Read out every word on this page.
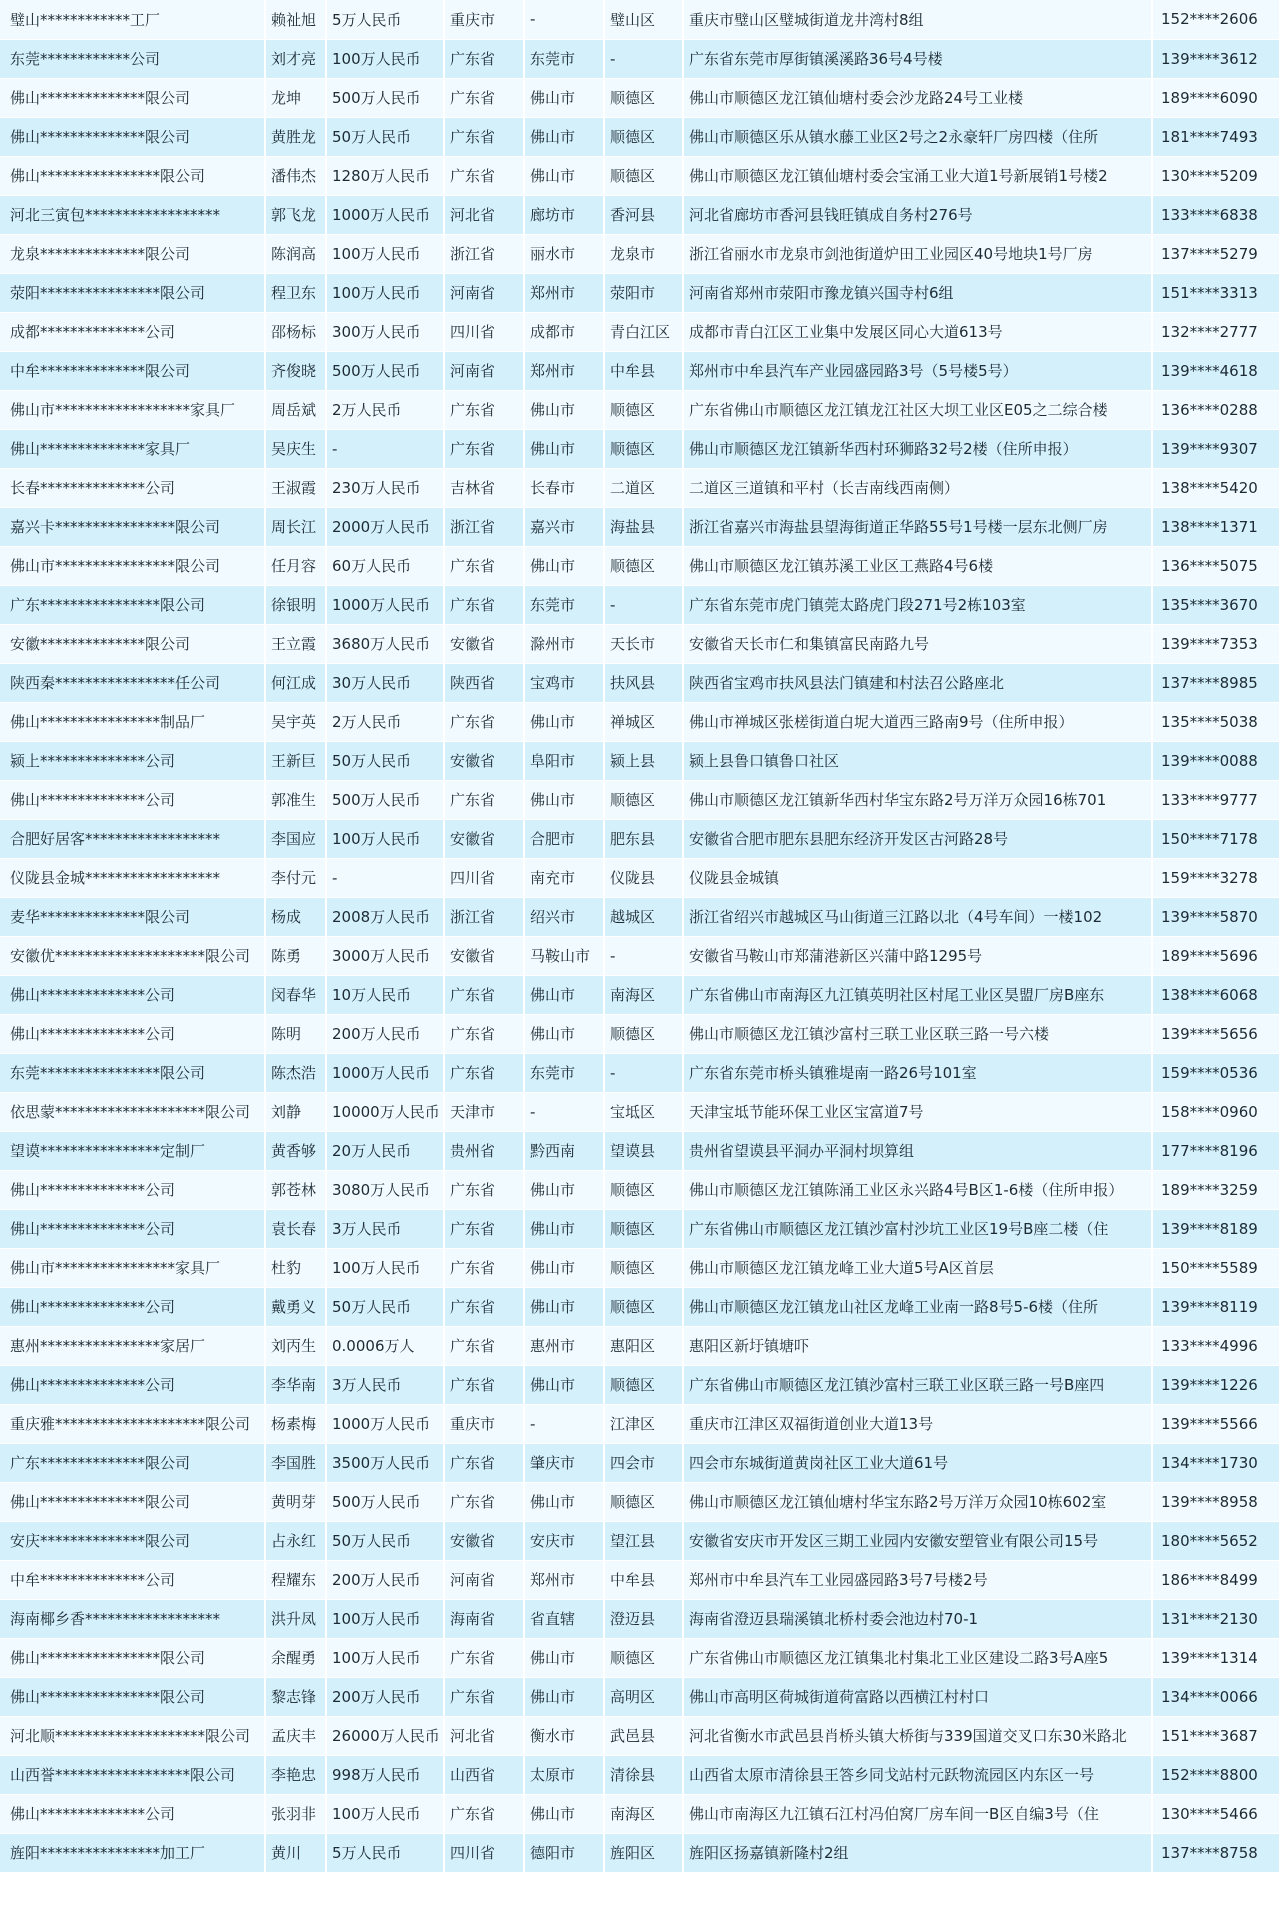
璧山************工厂	赖祉旭	5万人民币	重庆市	-	璧山区	重庆市璧山区璧城街道龙井湾村8组	152****2606
东莞************公司	刘才亮	100万人民币	广东省	东莞市	-	广东省东莞市厚街镇溪溪路36号4号楼	139****3612
佛山**************限公司	龙坤	500万人民币	广东省	佛山市	顺德区	佛山市顺德区龙江镇仙塘村委会沙龙路24号工业楼	189****6090
佛山**************限公司	黄胜龙	50万人民币	广东省	佛山市	顺德区	佛山市顺德区乐从镇水藤工业区2号之2永豪轩厂房四楼（住所	181****7493
佛山****************限公司	潘伟杰	1280万人民币	广东省	佛山市	顺德区	佛山市顺德区龙江镇仙塘村委会宝涌工业大道1号新展销1号楼2	130****5209
河北三寅包******************	郭飞龙	1000万人民币	河北省	廊坊市	香河县	河北省廊坊市香河县钱旺镇成自务村276号	133****6838
龙泉**************限公司	陈润高	100万人民币	浙江省	丽水市	龙泉市	浙江省丽水市龙泉市剑池街道炉田工业园区40号地块1号厂房	137****5279
荥阳****************限公司	程卫东	100万人民币	河南省	郑州市	荥阳市	河南省郑州市荥阳市豫龙镇兴国寺村6组	151****3313
成都**************公司	邵杨标	300万人民币	四川省	成都市	青白江区	成都市青白江区工业集中发展区同心大道613号	132****2777
中牟**************限公司	齐俊晓	500万人民币	河南省	郑州市	中牟县	郑州市中牟县汽车产业园盛园路3号（5号楼5号）	139****4618
佛山市******************家具厂	周岳斌	2万人民币	广东省	佛山市	顺德区	广东省佛山市顺德区龙江镇龙江社区大坝工业区E05之二综合楼	136****0288
佛山**************家具厂	吴庆生	-	广东省	佛山市	顺德区	佛山市顺德区龙江镇新华西村环狮路32号2楼（住所申报）	139****9307
长春**************公司	王淑霞	230万人民币	吉林省	长春市	二道区	二道区三道镇和平村（长吉南线西南侧）	138****5420
嘉兴卡****************限公司	周长江	2000万人民币	浙江省	嘉兴市	海盐县	浙江省嘉兴市海盐县望海街道正华路55号1号楼一层东北侧厂房	138****1371
佛山市****************限公司	任月容	60万人民币	广东省	佛山市	顺德区	佛山市顺德区龙江镇苏溪工业区工燕路4号6楼	136****5075
广东****************限公司	徐银明	1000万人民币	广东省	东莞市	-	广东省东莞市虎门镇莞太路虎门段271号2栋103室	135****3670
安徽**************限公司	王立霞	3680万人民币	安徽省	滁州市	天长市	安徽省天长市仁和集镇富民南路九号	139****7353
陕西秦****************任公司	何江成	30万人民币	陕西省	宝鸡市	扶风县	陕西省宝鸡市扶风县法门镇建和村法召公路座北	137****8985
佛山****************制品厂	吴宇英	2万人民币	广东省	佛山市	禅城区	佛山市禅城区张槎街道白坭大道西三路南9号（住所申报）	135****5038
颍上**************公司	王新巨	50万人民币	安徽省	阜阳市	颍上县	颍上县鲁口镇鲁口社区	139****0088
佛山**************公司	郭准生	500万人民币	广东省	佛山市	顺德区	佛山市顺德区龙江镇新华西村华宝东路2号万洋万众园16栋701	133****9777
合肥好居客******************	李国应	100万人民币	安徽省	合肥市	肥东县	安徽省合肥市肥东县肥东经济开发区古河路28号	150****7178
仪陇县金城******************	李付元	-	四川省	南充市	仪陇县	仪陇县金城镇	159****3278
麦华**************限公司	杨成	2008万人民币	浙江省	绍兴市	越城区	浙江省绍兴市越城区马山街道三江路以北（4号车间）一楼102	139****5870
安徽优********************限公司	陈勇	3000万人民币	安徽省	马鞍山市	-	安徽省马鞍山市郑蒲港新区兴蒲中路1295号	189****5696
佛山**************公司	闵春华	10万人民币	广东省	佛山市	南海区	广东省佛山市南海区九江镇英明社区村尾工业区昊盟厂房B座东	138****6068
佛山**************公司	陈明	200万人民币	广东省	佛山市	顺德区	佛山市顺德区龙江镇沙富村三联工业区联三路一号六楼	139****5656
东莞****************限公司	陈杰浩	1000万人民币	广东省	东莞市	-	广东省东莞市桥头镇雅堤南一路26号101室	159****0536
依思蒙********************限公司	刘静	10000万人民币	天津市	-	宝坻区	天津宝坻节能环保工业区宝富道7号	158****0960
望谟****************定制厂	黄香够	20万人民币	贵州省	黔西南	望谟县	贵州省望谟县平洞办平洞村坝算组	177****8196
佛山**************公司	郭苍林	3080万人民币	广东省	佛山市	顺德区	佛山市顺德区龙江镇陈涌工业区永兴路4号B区1-6楼（住所申报）	189****3259
佛山**************公司	袁长春	3万人民币	广东省	佛山市	顺德区	广东省佛山市顺德区龙江镇沙富村沙坑工业区19号B座二楼（住	139****8189
佛山市****************家具厂	杜豹	100万人民币	广东省	佛山市	顺德区	佛山市顺德区龙江镇龙峰工业大道5号A区首层	150****5589
佛山**************公司	戴勇义	50万人民币	广东省	佛山市	顺德区	佛山市顺德区龙江镇龙山社区龙峰工业南一路8号5-6楼（住所	139****8119
惠州****************家居厂	刘丙生	0.0006万人	广东省	惠州市	惠阳区	惠阳区新圩镇塘吓	133****4996
佛山**************公司	李华南	3万人民币	广东省	佛山市	顺德区	广东省佛山市顺德区龙江镇沙富村三联工业区联三路一号B座四	139****1226
重庆雅********************限公司	杨素梅	1000万人民币	重庆市	-	江津区	重庆市江津区双福街道创业大道13号	139****5566
广东**************限公司	李国胜	3500万人民币	广东省	肇庆市	四会市	四会市东城街道黄岗社区工业大道61号	134****1730
佛山**************限公司	黄明芽	500万人民币	广东省	佛山市	顺德区	佛山市顺德区龙江镇仙塘村华宝东路2号万洋万众园10栋602室	139****8958
安庆**************限公司	占永红	50万人民币	安徽省	安庆市	望江县	安徽省安庆市开发区三期工业园内安徽安塑管业有限公司15号	180****5652
中牟**************公司	程耀东	200万人民币	河南省	郑州市	中牟县	郑州市中牟县汽车工业园盛园路3号7号楼2号	186****8499
海南椰乡香******************	洪升凤	100万人民币	海南省	省直辖	澄迈县	海南省澄迈县瑞溪镇北桥村委会池边村70-1	131****2130
佛山****************限公司	余醒勇	100万人民币	广东省	佛山市	顺德区	广东省佛山市顺德区龙江镇集北村集北工业区建设二路3号A座5	139****1314
佛山****************限公司	黎志锋	200万人民币	广东省	佛山市	高明区	佛山市高明区荷城街道荷富路以西横江村村口	134****0066
河北顺********************限公司	孟庆丰	26000万人民币	河北省	衡水市	武邑县	河北省衡水市武邑县肖桥头镇大桥街与339国道交叉口东30米路北	151****3687
山西誉******************限公司	李艳忠	998万人民币	山西省	太原市	清徐县	山西省太原市清徐县王答乡同戈站村元跃物流园区内东区一号	152****8800
佛山**************公司	张羽非	100万人民币	广东省	佛山市	南海区	佛山市南海区九江镇石江村冯伯窝厂房车间一B区自编3号（住	130****5466
旌阳****************加工厂	黄川	5万人民币	四川省	德阳市	旌阳区	旌阳区扬嘉镇新隆村2组	137****8758
